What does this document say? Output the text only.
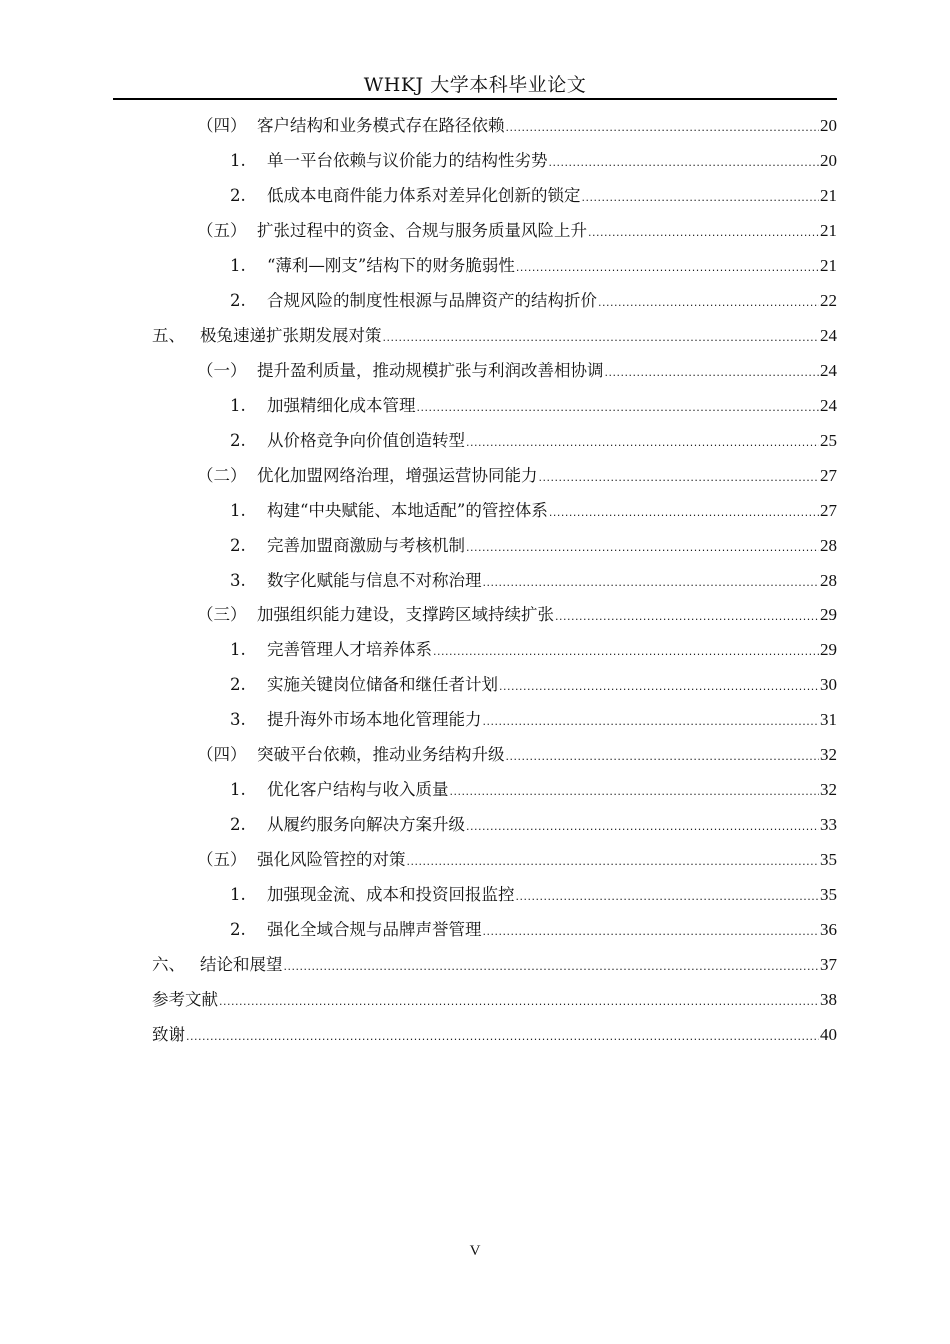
WHKJ 大学本科毕业论文
（四） 客户结构和业务模式存在路径依赖 .....	20
1.	单一平台依赖与议价能力的结构性劣势 .....	20
2.	低成本电商件能力体系对差异化创新的锁定 .....	21
（五） 扩张过程中的资金、合规与服务质量风险上升 .....	21
1.	“薄利—刚支”结构下的财务脆弱性 .....	21
2.	合规风险的制度性根源与品牌资产的结构折价 .....	22
五、 极兔速递扩张期发展对策 .....	24
（一） 提升盈利质量，推动规模扩张与利润改善相协调 .....	24
1.	加强精细化成本管理 .....	24
2.	从价格竞争向价值创造转型 .....	25
（二） 优化加盟网络治理，增强运营协同能力 .....	27
1.	构建“中央赋能、本地适配”的管控体系 .....	27
2.	完善加盟商激励与考核机制 .....	28
3.	数字化赋能与信息不对称治理 .....	28
（三） 加强组织能力建设，支撑跨区域持续扩张 .....	29
1.	完善管理人才培养体系 .....	29
2.	实施关键岗位储备和继任者计划 .....	30
3.	提升海外市场本地化管理能力 .....	31
（四） 突破平台依赖，推动业务结构升级 .....	32
1.	优化客户结构与收入质量 .....	32
2.	从履约服务向解决方案升级 .....	33
（五） 强化风险管控的对策 .....	35
1.	加强现金流、成本和投资回报监控 .....	35
2.	强化全域合规与品牌声誉管理 .....	36
六、 结论和展望 .....	37
参考文献 .....	38
致谢 .....	40
V
